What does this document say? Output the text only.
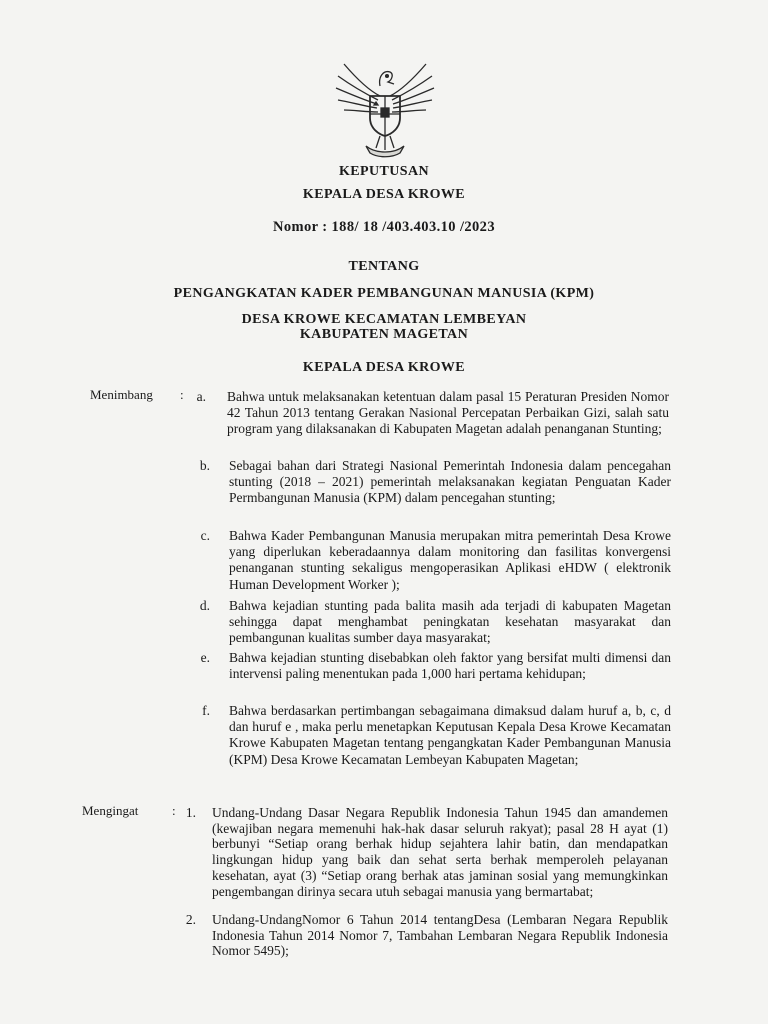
KEPUTUSAN
KEPALA DESA KROWE
Nomor : 188/ 18 /403.403.10 /2023
TENTANG
PENGANGKATAN KADER PEMBANGUNAN MANUSIA (KPM)
DESA KROWE KECAMATAN LEMBEYAN
KABUPATEN MAGETAN
KEPALA DESA KROWE
Menimbang : a. Bahwa untuk melaksanakan ketentuan dalam pasal 15 Peraturan Presiden Nomor 42 Tahun 2013 tentang Gerakan Nasional Percepatan Perbaikan Gizi, salah satu program yang dilaksanakan di Kabupaten Magetan adalah penanganan Stunting;
b. Sebagai bahan dari Strategi Nasional Pemerintah Indonesia dalam pencegahan stunting (2018 – 2021) pemerintah melaksanakan kegiatan Penguatan Kader Permbangunan Manusia (KPM) dalam pencegahan stunting;
c. Bahwa Kader Pembangunan Manusia merupakan mitra pemerintah Desa Krowe yang diperlukan keberadaannya dalam monitoring dan fasilitas konvergensi penanganan stunting sekaligus mengoperasikan Aplikasi eHDW ( elektronik Human Development Worker );
d. Bahwa kejadian stunting pada balita masih ada terjadi di kabupaten Magetan sehingga dapat menghambat peningkatan kesehatan masyarakat dan pembangunan kualitas sumber daya masyarakat;
e. Bahwa kejadian stunting disebabkan oleh faktor yang bersifat multi dimensi dan intervensi paling menentukan pada 1,000 hari pertama kehidupan;
f. Bahwa berdasarkan pertimbangan sebagaimana dimaksud dalam huruf a, b, c, d dan huruf e , maka perlu menetapkan Keputusan Kepala Desa Krowe Kecamatan Krowe Kabupaten Magetan tentang pengangkatan Kader Pembangunan Manusia (KPM) Desa Krowe Kecamatan Lembeyan Kabupaten Magetan;
Mengingat	: 1. Undang-Undang Dasar Negara Republik Indonesia Tahun 1945 dan amandemen (kewajiban negara memenuhi hak-hak dasar seluruh rakyat); pasal 28 H ayat (1) berbunyi “Setiap orang berhak hidup sejahtera lahir batin, dan mendapatkan lingkungan hidup yang baik dan sehat serta berhak memperoleh pelayanan kesehatan, ayat (3) “Setiap orang berhak atas jaminan sosial yang memungkinkan pengembangan dirinya secara utuh sebagai manusia yang bermartabat;
2. Undang-UndangNomor 6 Tahun 2014 tentangDesa (Lembaran Negara Republik Indonesia Tahun 2014 Nomor 7, Tambahan Lembaran Negara Republik Indonesia Nomor 5495);
